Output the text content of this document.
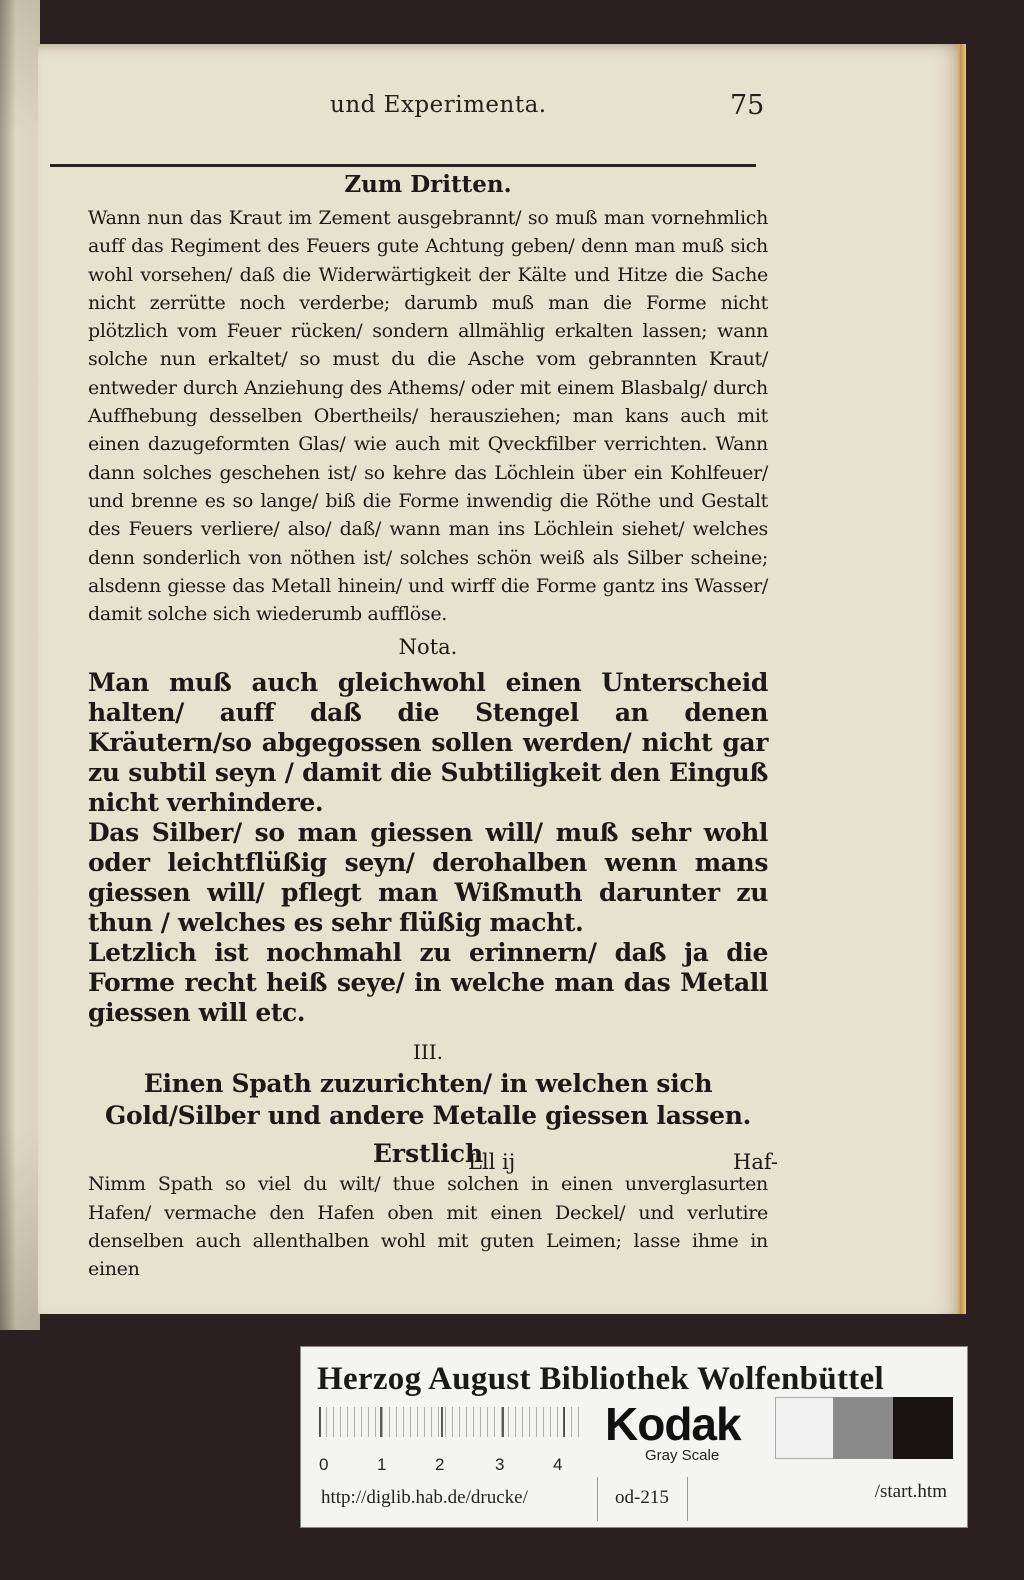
und Experimenta.	75
Zum Dritten.

Wann nun das Kraut im Zement ausgebrannt/ so muß man vornehmlich auff das Regiment des Feuers gute Achtung geben/ denn man muß sich wohl vorsehen/ daß die Widerwärtigkeit der Kälte und Hitze die Sache nicht zerrütte noch verderbe; darumb muß man die Forme nicht plötzlich vom Feuer rücken/ sondern allmählig erkalten lassen; wann solche nun erkaltet/ so must du die Asche vom gebrannten Kraut/ entweder durch Anziehung des Athems/ oder mit einem Blasbalg/ durch Auffhebung desselben Obertheils/ herausziehen; man kans auch mit einen dazugeformten Glas/ wie auch mit Qveckfilber verrichten. Wann dann solches geschehen ist/ so kehre das Löchlein über ein Kohlfeuer/ und brenne es so lange/ biß die Forme inwendig die Röthe und Gestalt des Feuers verliere/ also/ daß/ wann man ins Löchlein siehet/ welches denn sonderlich von nöthen ist/ solches schön weiß als Silber scheine; alsdenn giesse das Metall hinein/ und wirff die Forme gantz ins Wasser/ damit solche sich wiederumb aufflöse.

Nota.

Man muß auch gleichwohl einen Unterscheid halten/ auff daß die Stengel an denen Kräutern/so abgegossen sollen werden/ nicht gar zu subtil seyn / damit die Subtiligkeit den Einguß nicht verhindere.

Das Silber/ so man giessen will/ muß sehr wohl oder leichtflüßig seyn/ derohalben wenn mans giessen will/ pflegt man Wißmuth darunter zu thun / welches es sehr flüßig macht.

Letzlich ist nochmahl zu erinnern/ daß ja die Forme recht heiß seye/ in welche man das Metall giessen will etc.

III.
Einen Spath zuzurichten/ in welchen sich Gold/Silber und andere Metalle giessen lassen.
Erstlich

Nimm Spath so viel du wilt/ thue solchen in einen unverglasurten Hafen/ vermache den Hafen oben mit einen Deckel/ und verlutire denselben auch allenthalben wohl mit guten Leimen; lasse ihme in einen

Lll ij	Haf-
Herzog August Bibliothek Wolfenbüttel
0	1	2	3	4
Kodak
Gray Scale
http://diglib.hab.de/drucke/	od-215	/start.htm
